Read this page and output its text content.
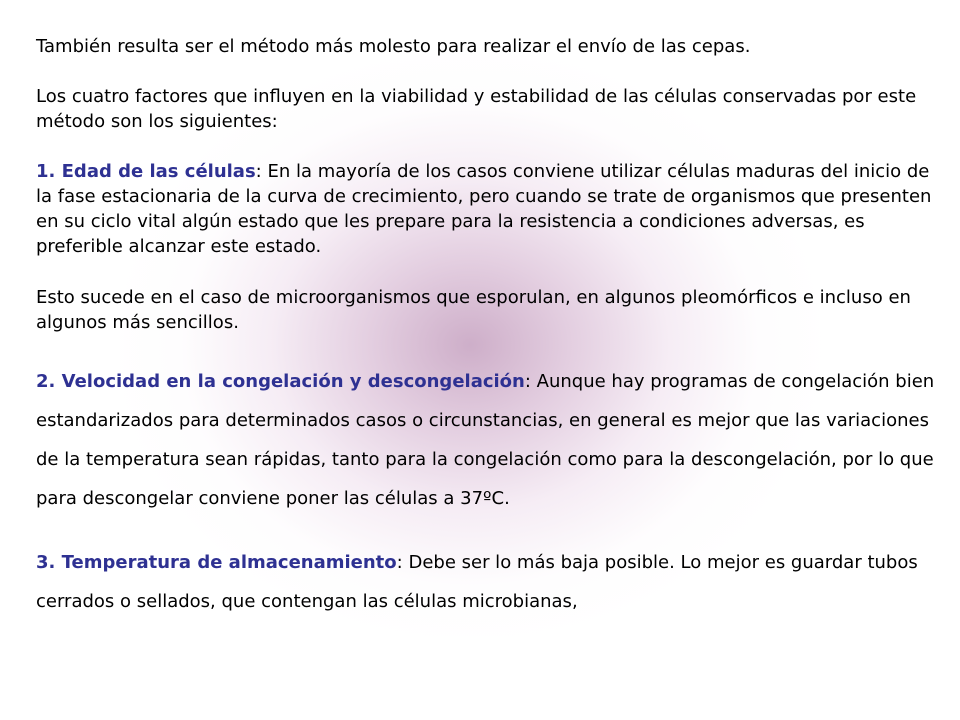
También resulta ser el método más molesto para realizar el envío de las cepas.

Los cuatro factores que influyen en la viabilidad y estabilidad de las células conservadas por este método son los siguientes:

1. Edad de las células: En la mayoría de los casos conviene utilizar células maduras del inicio de la fase estacionaria de la curva de crecimiento, pero cuando se trate de organismos que presenten en su ciclo vital algún estado que les prepare para la resistencia a condiciones adversas, es preferible alcanzar este estado.

Esto sucede en el caso de microorganismos que esporulan, en algunos pleomórficos e incluso en algunos más sencillos.

2. Velocidad en la congelación y descongelación: Aunque hay programas de congelación bien estandarizados para determinados casos o circunstancias, en general es mejor que las variaciones de la temperatura sean rápidas, tanto para la congelación como para la descongelación, por lo que para descongelar conviene poner las células a 37ºC.

3. Temperatura de almacenamiento: Debe ser lo más baja posible. Lo mejor es guardar tubos cerrados o sellados, que contengan las células microbianas,
